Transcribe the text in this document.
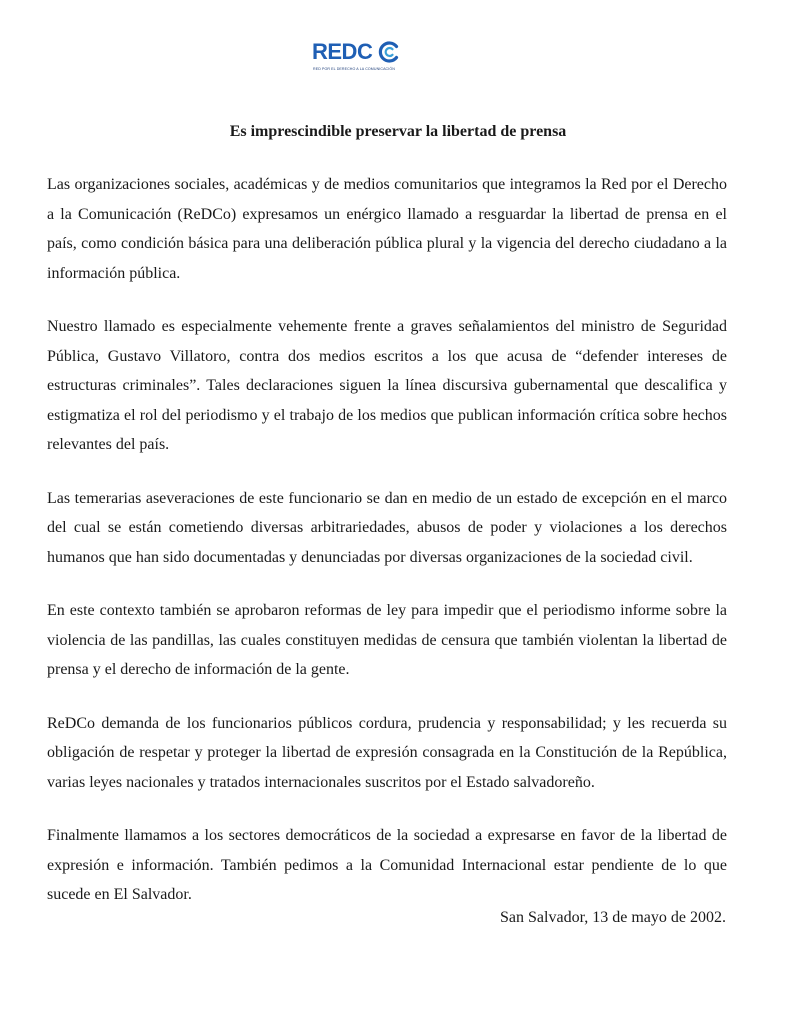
REDC
RED POR EL DERECHO A LA COMUNICACIÓN
Es imprescindible preservar la libertad de prensa

Las organizaciones sociales, académicas y de medios comunitarios que integramos la Red por el Derecho a la Comunicación (ReDCo) expresamos un enérgico llamado a resguardar la libertad de prensa en el país, como condición básica para una deliberación pública plural y la vigencia del derecho ciudadano a la información pública.

Nuestro llamado es especialmente vehemente frente a graves señalamientos del ministro de Seguridad Pública, Gustavo Villatoro, contra dos medios escritos a los que acusa de “defender intereses de estructuras criminales”. Tales declaraciones siguen la línea discursiva gubernamental que descalifica y estigmatiza el rol del periodismo y el trabajo de los medios que publican información crítica sobre hechos relevantes del país.

Las temerarias aseveraciones de este funcionario se dan en medio de un estado de excepción en el marco del cual se están cometiendo diversas arbitrariedades, abusos de poder y violaciones a los derechos humanos que han sido documentadas y denunciadas por diversas organizaciones de la sociedad civil.

En este contexto también se aprobaron reformas de ley para impedir que el periodismo informe sobre la violencia de las pandillas, las cuales constituyen medidas de censura que también violentan la libertad de prensa y el derecho de información de la gente.

ReDCo demanda de los funcionarios públicos cordura, prudencia y responsabilidad; y les recuerda su obligación de respetar y proteger la libertad de expresión consagrada en la Constitución de la República, varias leyes nacionales y tratados internacionales suscritos por el Estado salvadoreño.

Finalmente llamamos a los sectores democráticos de la sociedad a expresarse en favor de la libertad de expresión e información. También pedimos a la Comunidad Internacional estar pendiente de lo que sucede en El Salvador.

San Salvador, 13 de mayo de 2002.
